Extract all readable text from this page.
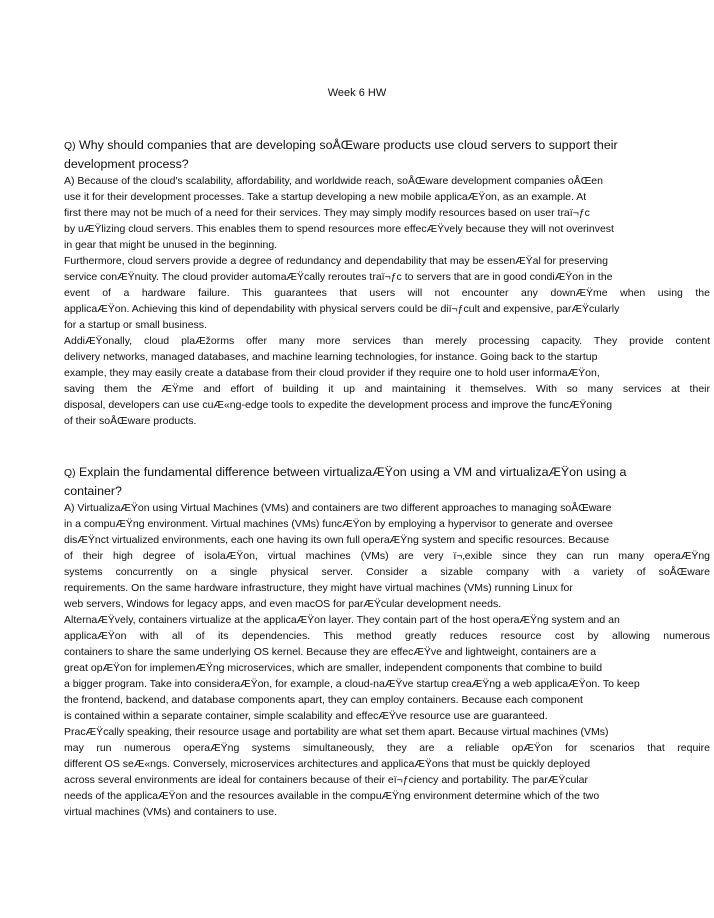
Week 6 HW
Q) Why should companies that are developing soÅŒware products use cloud servers to support their
development process?

A) Because of the cloud's scalability, affordability, and worldwide reach, soÅŒware development companies oÅŒen

use it for their development processes. Take a startup developing a new mobile applicaÆŸon, as an example. At

first there may not be much of a need for their services. They may simply modify resources based on user traï¬ƒc

by uÆŸlizing cloud servers. This enables them to spend resources more effecÆŸvely because they will not overinvest

in gear that might be unused in the beginning.

Furthermore, cloud servers provide a degree of redundancy and dependability that may be essenÆŸal for preserving

service conÆŸnuity. The cloud provider automaÆŸcally reroutes traï¬ƒc to servers that are in good condiÆŸon in the

event of a hardware failure. This guarantees that users will not encounter any downÆŸme when using the

applicaÆŸon. Achieving this kind of dependability with physical servers could be diï¬ƒcult and expensive, parÆŸcularly

for a startup or small business.

AddiÆŸonally, cloud plaÆžorms offer many more services than merely processing capacity. They provide content

delivery networks, managed databases, and machine learning technologies, for instance. Going back to the startup

example, they may easily create a database from their cloud provider if they require one to hold user informaÆŸon,

saving them the ÆŸme and effort of building it up and maintaining it themselves. With so many services at their

disposal, developers can use cuÆ«ng-edge tools to expedite the development process and improve the funcÆŸoning

of their soÅŒware products.

Q) Explain the fundamental difference between virtualizaÆŸon using a VM and virtualizaÆŸon using a
container?

A) VirtualizaÆŸon using Virtual Machines (VMs) and containers are two different approaches to managing soÅŒware

in a compuÆŸng environment. Virtual machines (VMs) funcÆŸon by employing a hypervisor to generate and oversee

disÆŸnct virtualized environments, each one having its own full operaÆŸng system and specific resources. Because

of their high degree of isolaÆŸon, virtual machines (VMs) are very ï¬‚exible since they can run many operaÆŸng

systems concurrently on a single physical server. Consider a sizable company with a variety of soÅŒware

requirements. On the same hardware infrastructure, they might have virtual machines (VMs) running Linux for

web servers, Windows for legacy apps, and even macOS for parÆŸcular development needs.

AlternaÆŸvely, containers virtualize at the applicaÆŸon layer. They contain part of the host operaÆŸng system and an

applicaÆŸon with all of its dependencies. This method greatly reduces resource cost by allowing numerous

containers to share the same underlying OS kernel. Because they are effecÆŸve and lightweight, containers are a

great opÆŸon for implemenÆŸng microservices, which are smaller, independent components that combine to build

a bigger program. Take into consideraÆŸon, for example, a cloud-naÆŸve startup creaÆŸng a web applicaÆŸon. To keep

the frontend, backend, and database components apart, they can employ containers. Because each component

is contained within a separate container, simple scalability and effecÆŸve resource use are guaranteed.

PracÆŸcally speaking, their resource usage and portability are what set them apart. Because virtual machines (VMs)

may run numerous operaÆŸng systems simultaneously, they are a reliable opÆŸon for scenarios that require

different OS seÆ«ngs. Conversely, microservices architectures and applicaÆŸons that must be quickly deployed

across several environments are ideal for containers because of their eï¬ƒciency and portability. The parÆŸcular

needs of the applicaÆŸon and the resources available in the compuÆŸng environment determine which of the two

virtual machines (VMs) and containers to use.
